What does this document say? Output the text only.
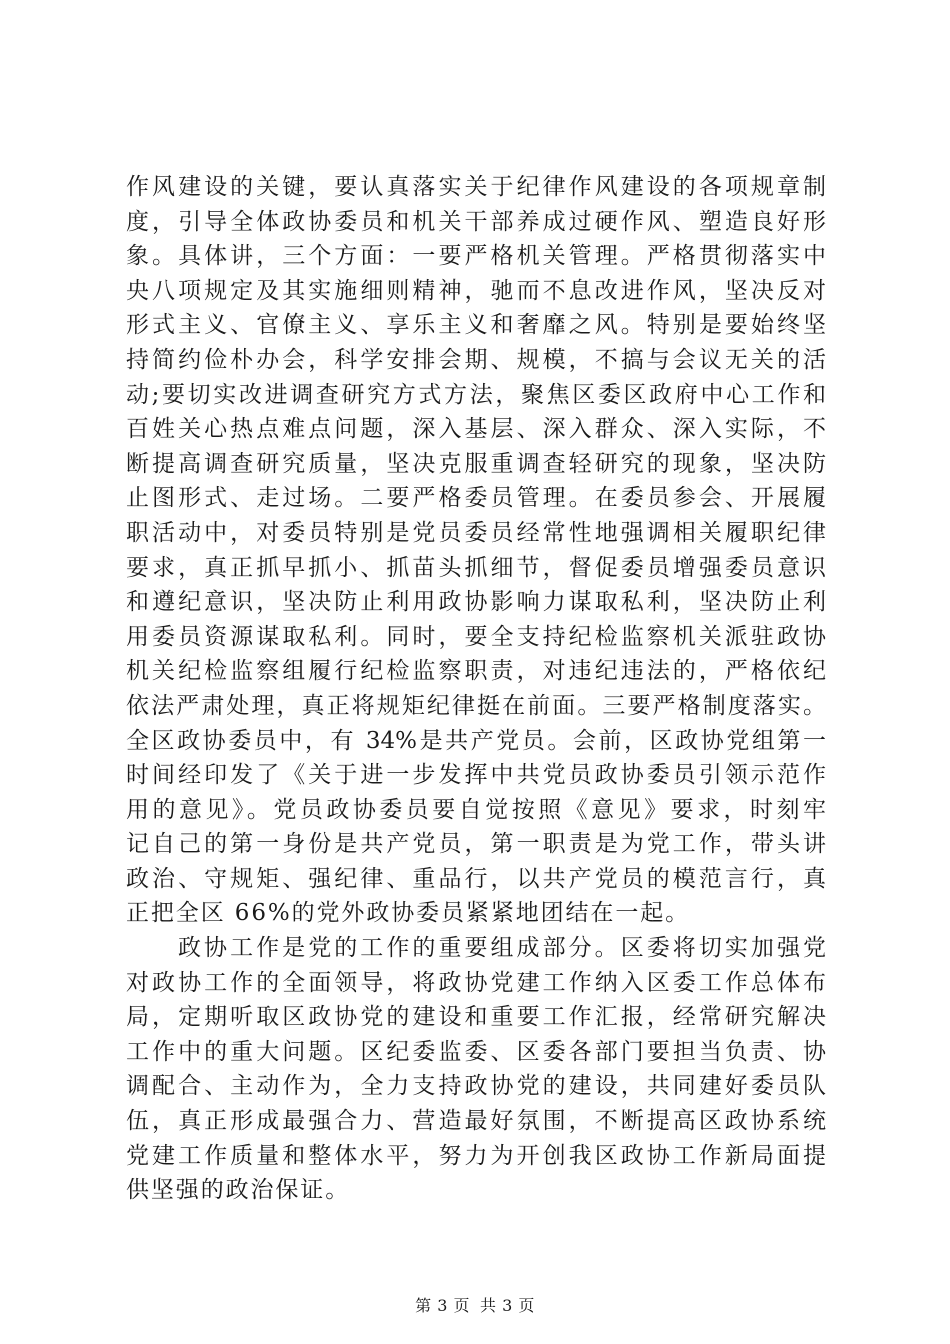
作风建设的关键，要认真落实关于纪律作风建设的各项规章制
度，引导全体政协委员和机关干部养成过硬作风、塑造良好形
象。具体讲，三个方面：一要严格机关管理。严格贯彻落实中
央八项规定及其实施细则精神，驰而不息改进作风，坚决反对
形式主义、官僚主义、享乐主义和奢靡之风。特别是要始终坚
持简约俭朴办会，科学安排会期、规模，不搞与会议无关的活
动;要切实改进调查研究方式方法，聚焦区委区政府中心工作和
百姓关心热点难点问题，深入基层、深入群众、深入实际，不
断提高调查研究质量，坚决克服重调查轻研究的现象，坚决防
止图形式、走过场。二要严格委员管理。在委员参会、开展履
职活动中，对委员特别是党员委员经常性地强调相关履职纪律
要求，真正抓早抓小、抓苗头抓细节，督促委员增强委员意识
和遵纪意识，坚决防止利用政协影响力谋取私利，坚决防止利
用委员资源谋取私利。同时，要全支持纪检监察机关派驻政协
机关纪检监察组履行纪检监察职责，对违纪违法的，严格依纪
依法严肃处理，真正将规矩纪律挺在前面。三要严格制度落实。
全区政协委员中，有 34%是共产党员。会前，区政协党组第一
时间经印发了《关于进一步发挥中共党员政协委员引领示范作
用的意见》。党员政协委员要自觉按照《意见》要求，时刻牢
记自己的第一身份是共产党员，第一职责是为党工作，带头讲
政治、守规矩、强纪律、重品行，以共产党员的模范言行，真
正把全区 66%的党外政协委员紧紧地团结在一起。
政协工作是党的工作的重要组成部分。区委将切实加强党
对政协工作的全面领导，将政协党建工作纳入区委工作总体布
局，定期听取区政协党的建设和重要工作汇报，经常研究解决
工作中的重大问题。区纪委监委、区委各部门要担当负责、协
调配合、主动作为，全力支持政协党的建设，共同建好委员队
伍，真正形成最强合力、营造最好氛围，不断提高区政协系统
党建工作质量和整体水平，努力为开创我区政协工作新局面提
供坚强的政治保证。
第 3 页 共 3 页
